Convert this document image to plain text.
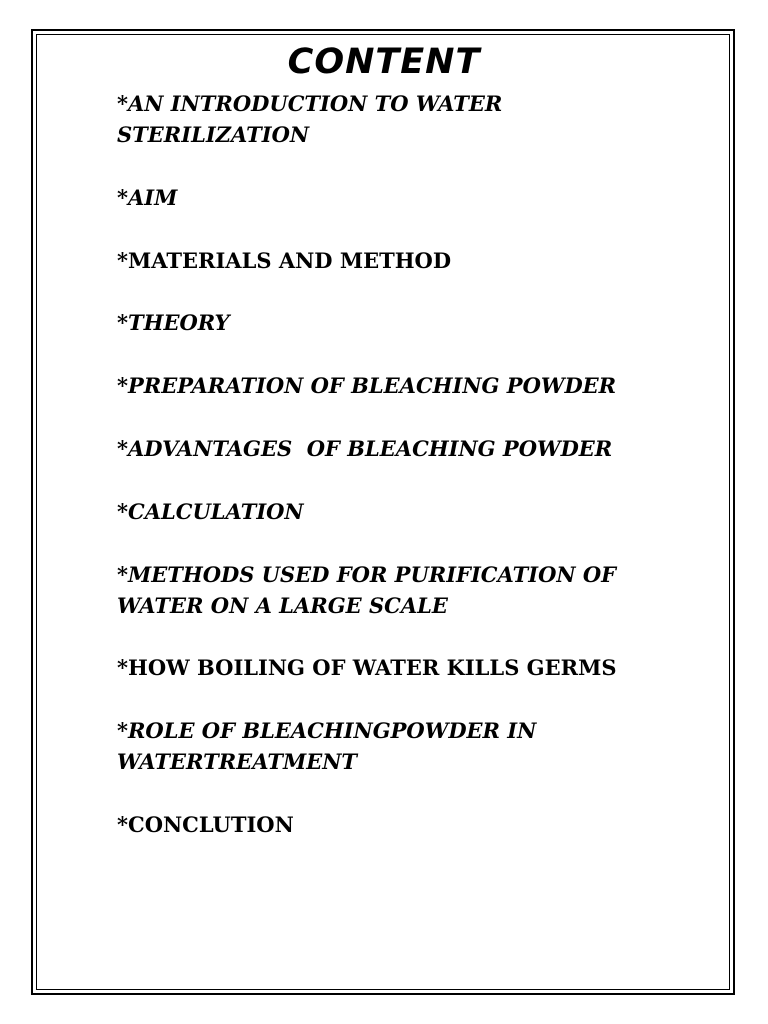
CONTENT
*AN INTRODUCTION TO WATER
STERILIZATION
*AIM
*MATERIALS AND METHOD
*THEORY
*PREPARATION OF BLEACHING POWDER
*ADVANTAGES  OF BLEACHING POWDER
*CALCULATION
*METHODS USED FOR PURIFICATION OF
WATER ON A LARGE SCALE
*HOW BOILING OF WATER KILLS GERMS
*ROLE OF BLEACHINGPOWDER IN
WATERTREATMENT
*CONCLUTION
